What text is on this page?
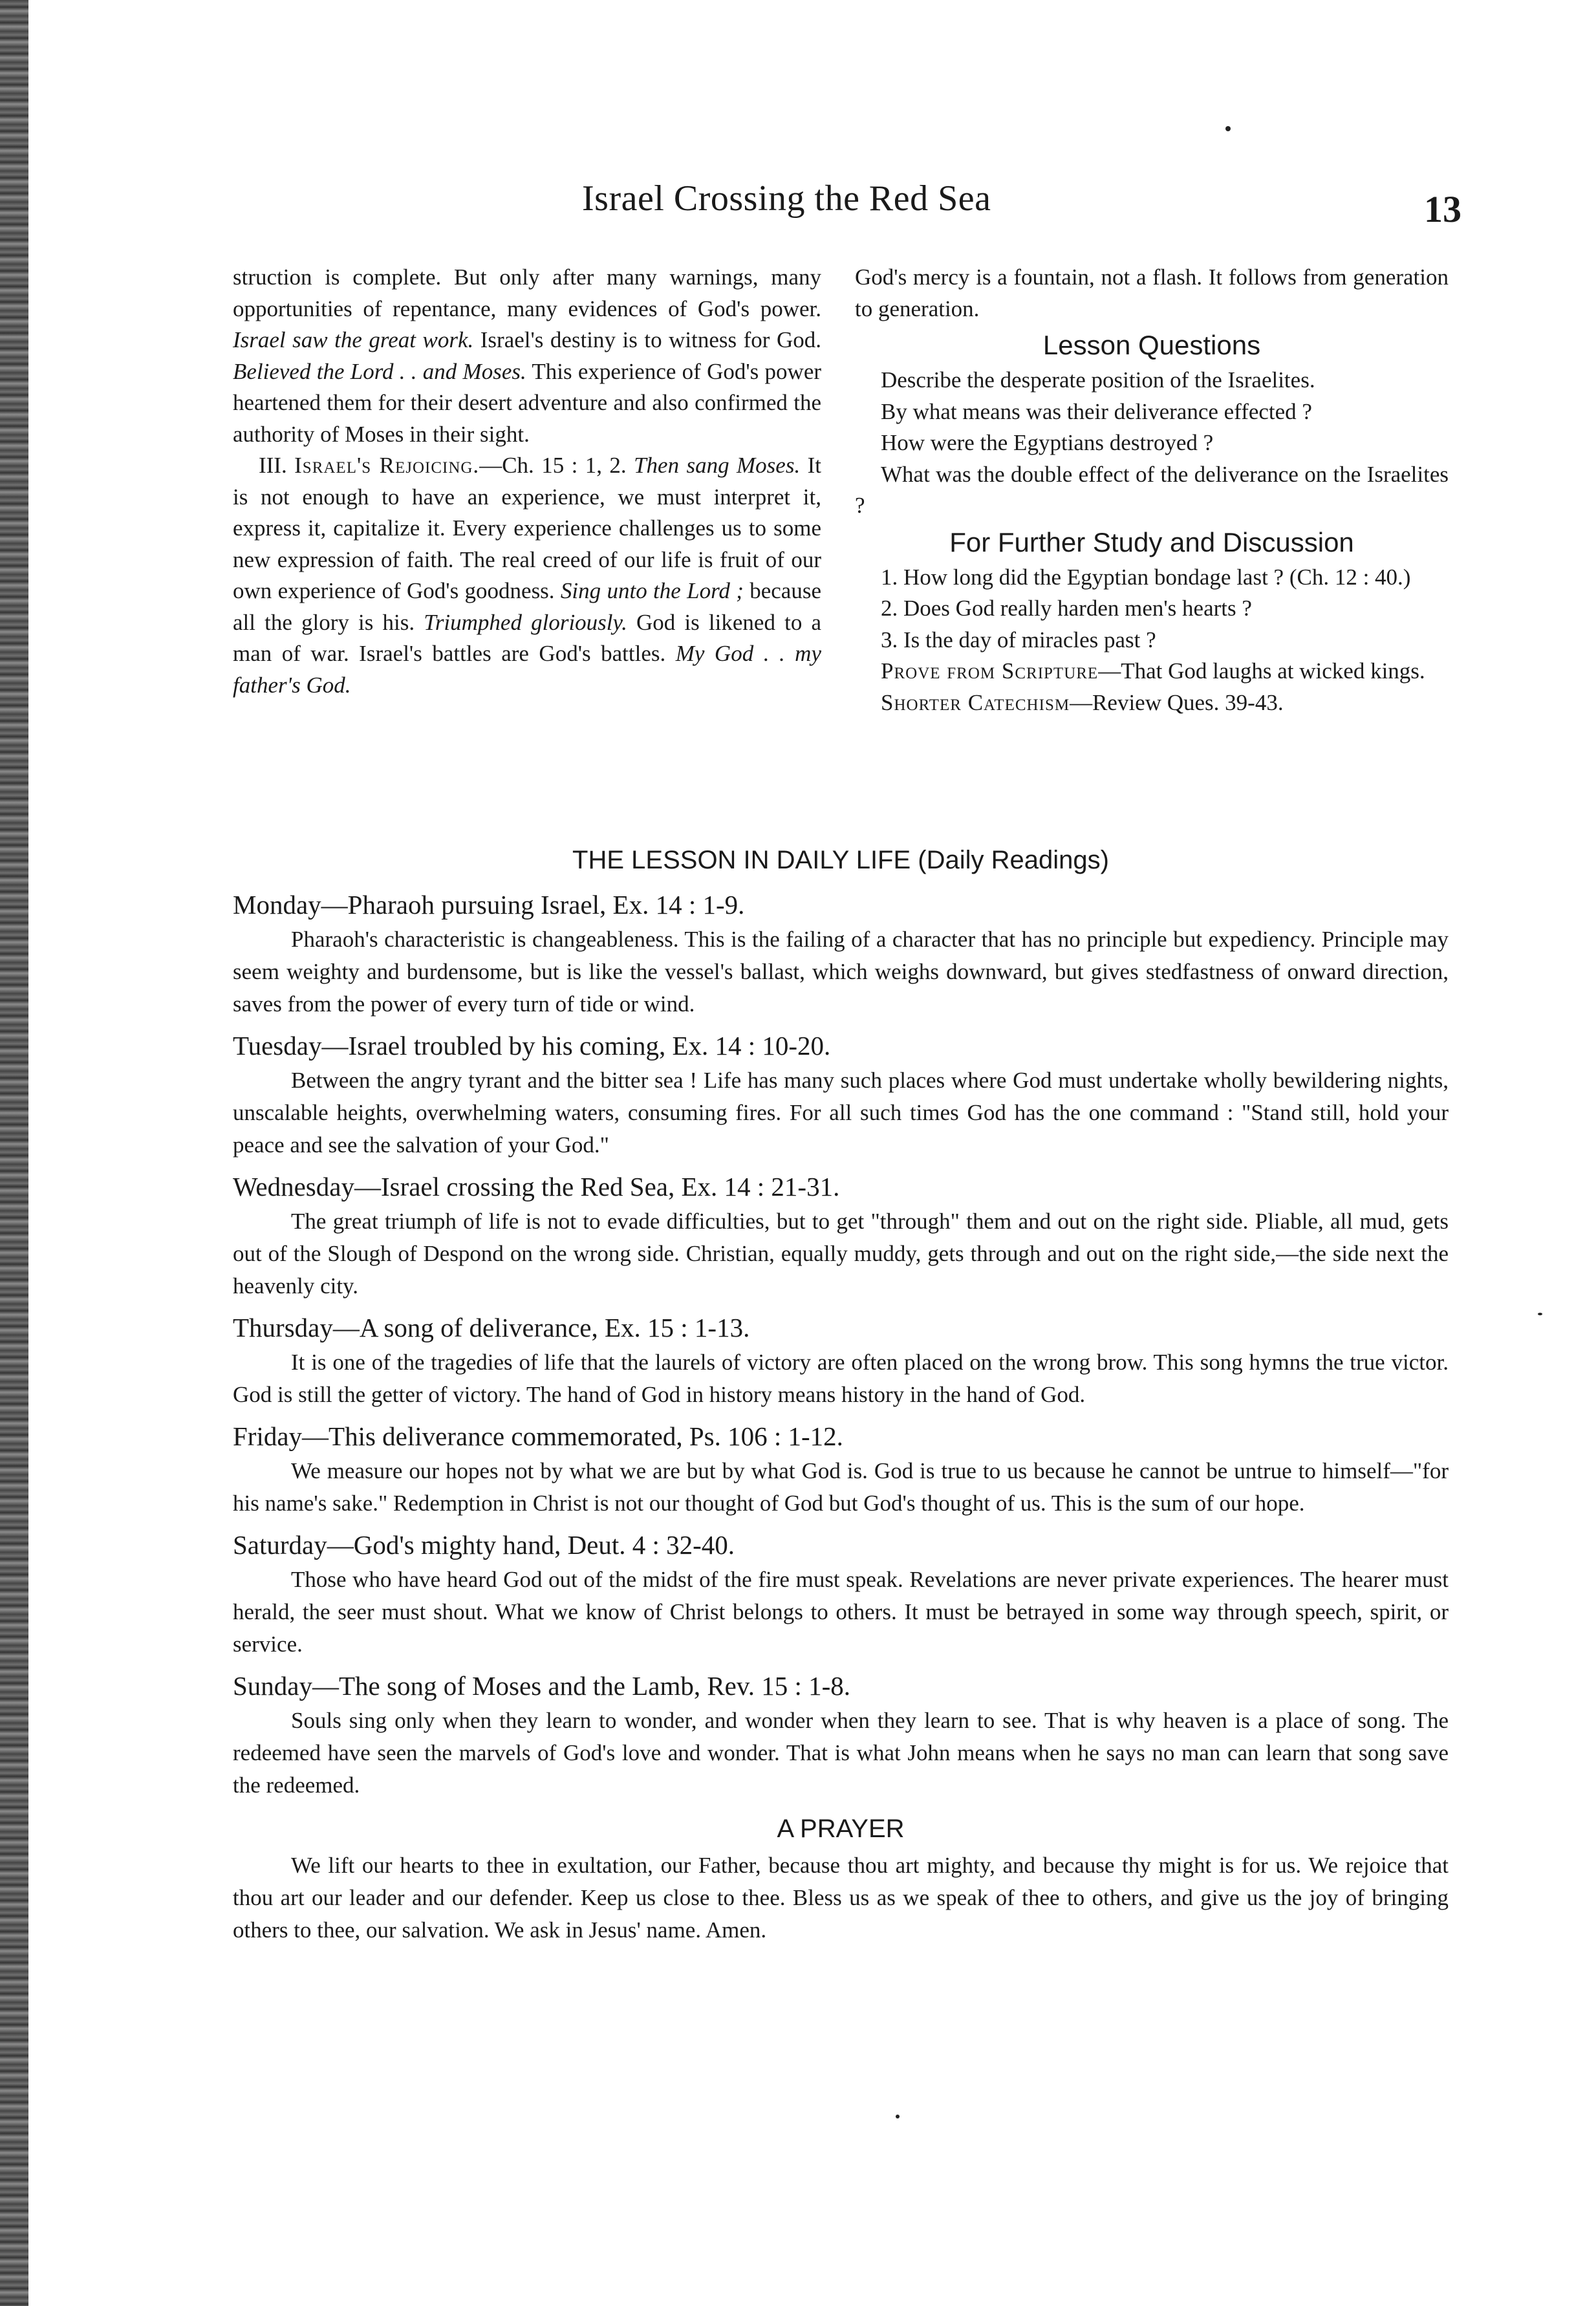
Israel Crossing the Red Sea	13

struction is complete. But only after many warnings, many opportunities of repentance, many evidences of God's power. Israel saw the great work. Israel's destiny is to witness for God. Believed the Lord . . and Moses. This experience of God's power heartened them for their desert adventure and also confirmed the authority of Moses in their sight.

III. Israel's Rejoicing.—Ch. 15 : 1, 2. Then sang Moses. It is not enough to have an experience, we must interpret it, express it, capitalize it. Every experience challenges us to some new expression of faith. The real creed of our life is fruit of our own experience of God's goodness. Sing unto the Lord ; because all the glory is his. Triumphed gloriously. God is likened to a man of war. Israel's battles are God's battles. My God . . my father's God.

God's mercy is a fountain, not a flash. It follows from generation to generation.

Lesson Questions

Describe the desperate position of the Israelites.

By what means was their deliverance effected ?

How were the Egyptians destroyed ?

What was the double effect of the deliverance on the Israelites ?

For Further Study and Discussion

1. How long did the Egyptian bondage last ? (Ch. 12 : 40.)

2. Does God really harden men's hearts ?

3. Is the day of miracles past ?

Prove from Scripture—That God laughs at wicked kings.

Shorter Catechism—Review Ques. 39-43.

THE LESSON IN DAILY LIFE (Daily Readings)
Monday—Pharaoh pursuing Israel, Ex. 14 : 1-9.

Pharaoh's characteristic is changeableness. This is the failing of a character that has no principle but expediency. Principle may seem weighty and burdensome, but is like the vessel's ballast, which weighs downward, but gives stedfastness of onward direction, saves from the power of every turn of tide or wind.

Tuesday—Israel troubled by his coming, Ex. 14 : 10-20.

Between the angry tyrant and the bitter sea ! Life has many such places where God must undertake wholly bewildering nights, unscalable heights, overwhelming waters, consuming fires. For all such times God has the one command : "Stand still, hold your peace and see the salvation of your God."

Wednesday—Israel crossing the Red Sea, Ex. 14 : 21-31.

The great triumph of life is not to evade difficulties, but to get "through" them and out on the right side. Pliable, all mud, gets out of the Slough of Despond on the wrong side. Christian, equally muddy, gets through and out on the right side,—the side next the heavenly city.

Thursday—A song of deliverance, Ex. 15 : 1-13.

It is one of the tragedies of life that the laurels of victory are often placed on the wrong brow. This song hymns the true victor. God is still the getter of victory. The hand of God in history means history in the hand of God.

Friday—This deliverance commemorated, Ps. 106 : 1-12.

We measure our hopes not by what we are but by what God is. God is true to us because he cannot be untrue to himself—"for his name's sake." Redemption in Christ is not our thought of God but God's thought of us. This is the sum of our hope.

Saturday—God's mighty hand, Deut. 4 : 32-40.

Those who have heard God out of the midst of the fire must speak. Revelations are never private experiences. The hearer must herald, the seer must shout. What we know of Christ belongs to others. It must be betrayed in some way through speech, spirit, or service.

Sunday—The song of Moses and the Lamb, Rev. 15 : 1-8.

Souls sing only when they learn to wonder, and wonder when they learn to see. That is why heaven is a place of song. The redeemed have seen the marvels of God's love and wonder. That is what John means when he says no man can learn that song save the redeemed.

A PRAYER

We lift our hearts to thee in exultation, our Father, because thou art mighty, and because thy might is for us. We rejoice that thou art our leader and our defender. Keep us close to thee. Bless us as we speak of thee to others, and give us the joy of bringing others to thee, our salvation. We ask in Jesus' name. Amen.
